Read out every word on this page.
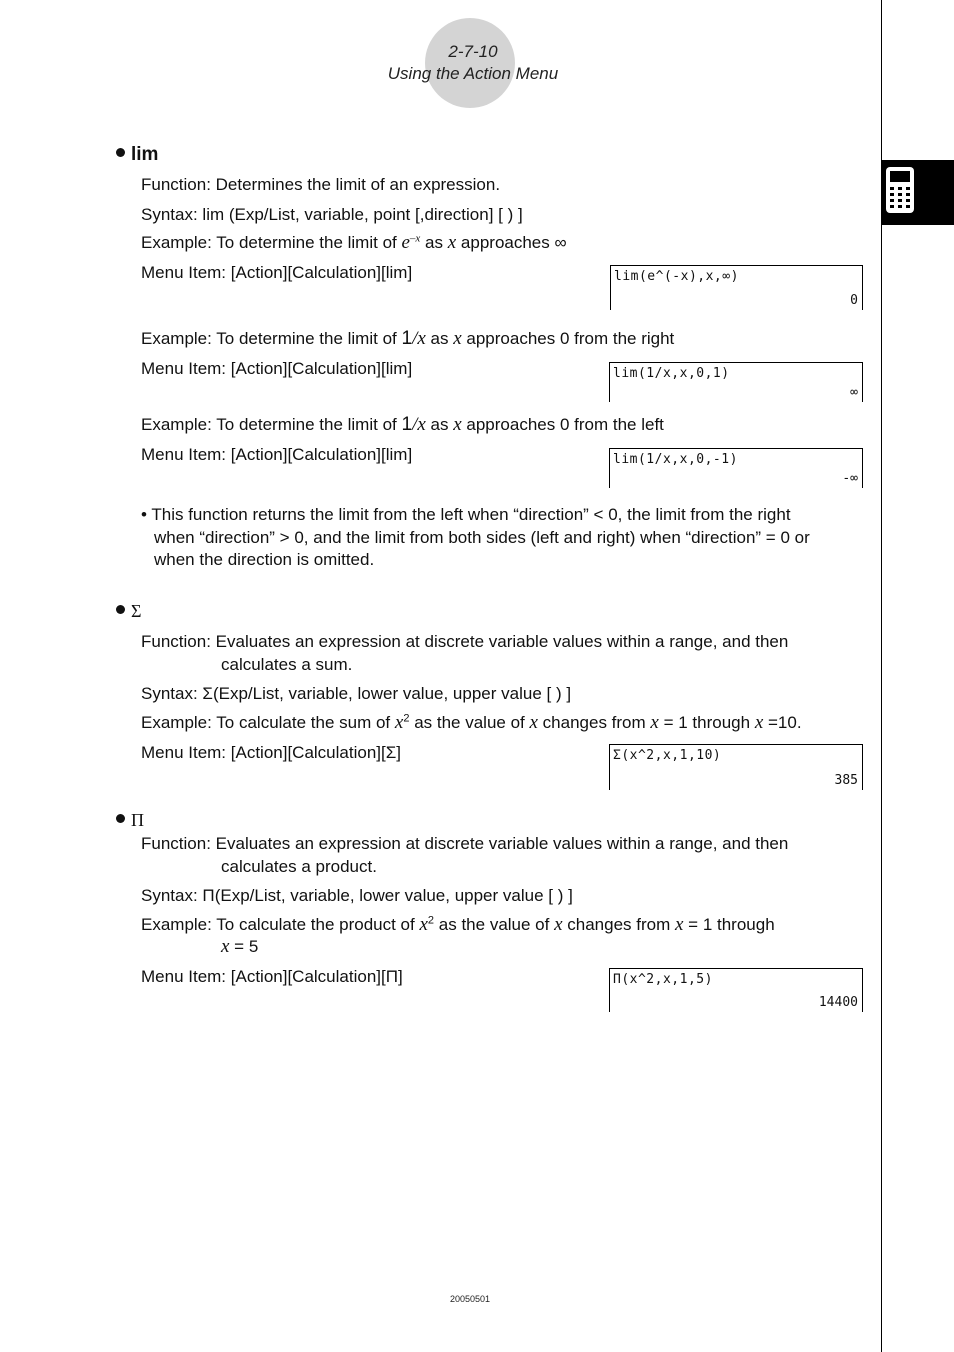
2-7-10
Using the Action Menu
lim
Function: Determines the limit of an expression.
Syntax: lim (Exp/List, variable, point [,direction] [ ) ]
Example: To determine the limit of $e^{-x}$ as x approaches ∞
Menu Item: [Action][Calculation][lim]	lim(e^(-x),x,∞)
0
Example: To determine the limit of 1/x as x approaches 0 from the right
Menu Item: [Action][Calculation][lim]	lim(1/x,x,0,1)
∞
Example: To determine the limit of 1/x as x approaches 0 from the left
Menu Item: [Action][Calculation][lim]	lim(1/x,x,0,-1)
-∞
• This function returns the limit from the left when “direction” < 0, the limit from the right
when “direction” > 0, and the limit from both sides (left and right) when “direction” = 0 or
when the direction is omitted.
Σ
Function: Evaluates an expression at discrete variable values within a range, and then
calculates a sum.
Syntax: Σ(Exp/List, variable, lower value, upper value [ ) ]
Example: To calculate the sum of $x^2$ as the value of x changes from x = 1 through x =10.
Menu Item: [Action][Calculation][Σ]	Σ(x^2,x,1,10)
385
Π
Function: Evaluates an expression at discrete variable values within a range, and then
calculates a product.
Syntax: Π(Exp/List, variable, lower value, upper value [ ) ]
Example: To calculate the product of $x^2$ as the value of x changes from x = 1 through
x = 5
Menu Item: [Action][Calculation][Π]	Π(x^2,x,1,5)
14400
20050501
